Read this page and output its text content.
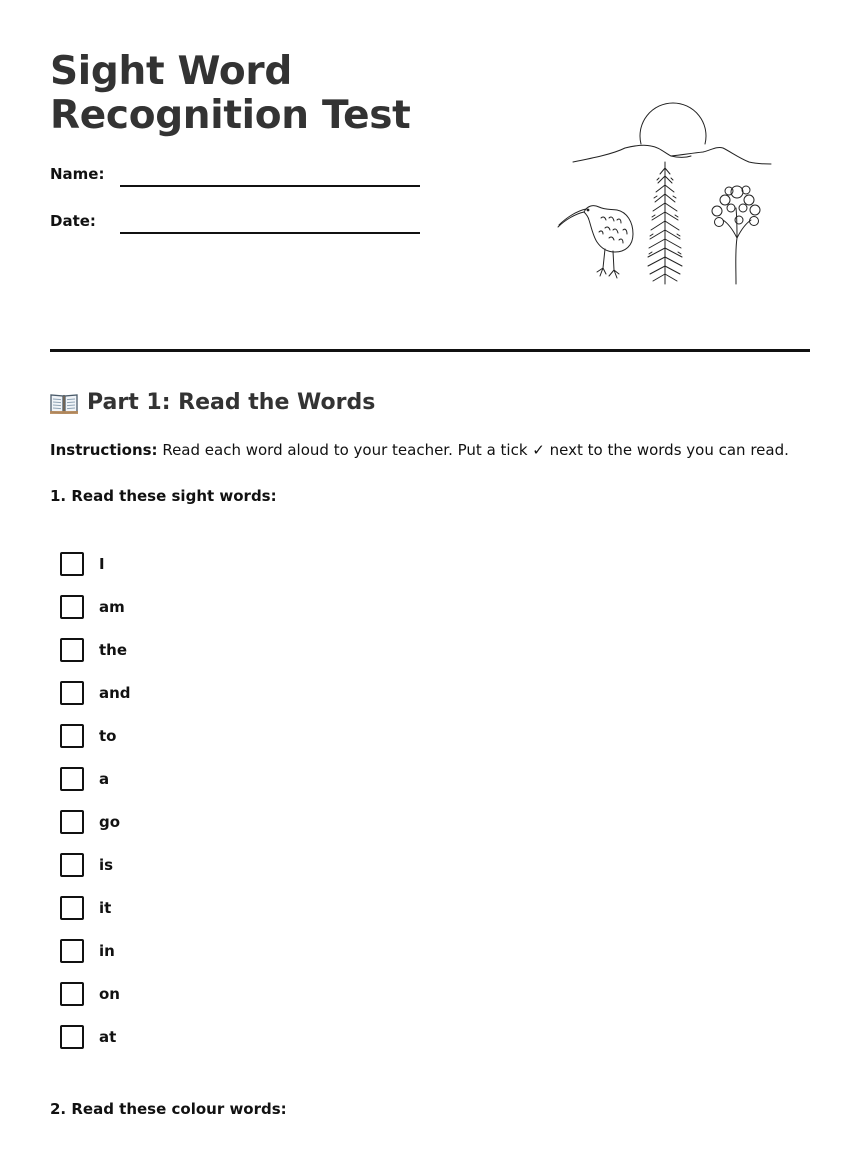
Sight Word Recognition Test
Name:
Date:
Part 1: Read the Words

Instructions: Read each word aloud to your teacher. Put a tick ✓ next to the words you can read.

1. Read these sight words:
I
am
the
and
to
a
go
is
it
in
on
at
2. Read these colour words:
